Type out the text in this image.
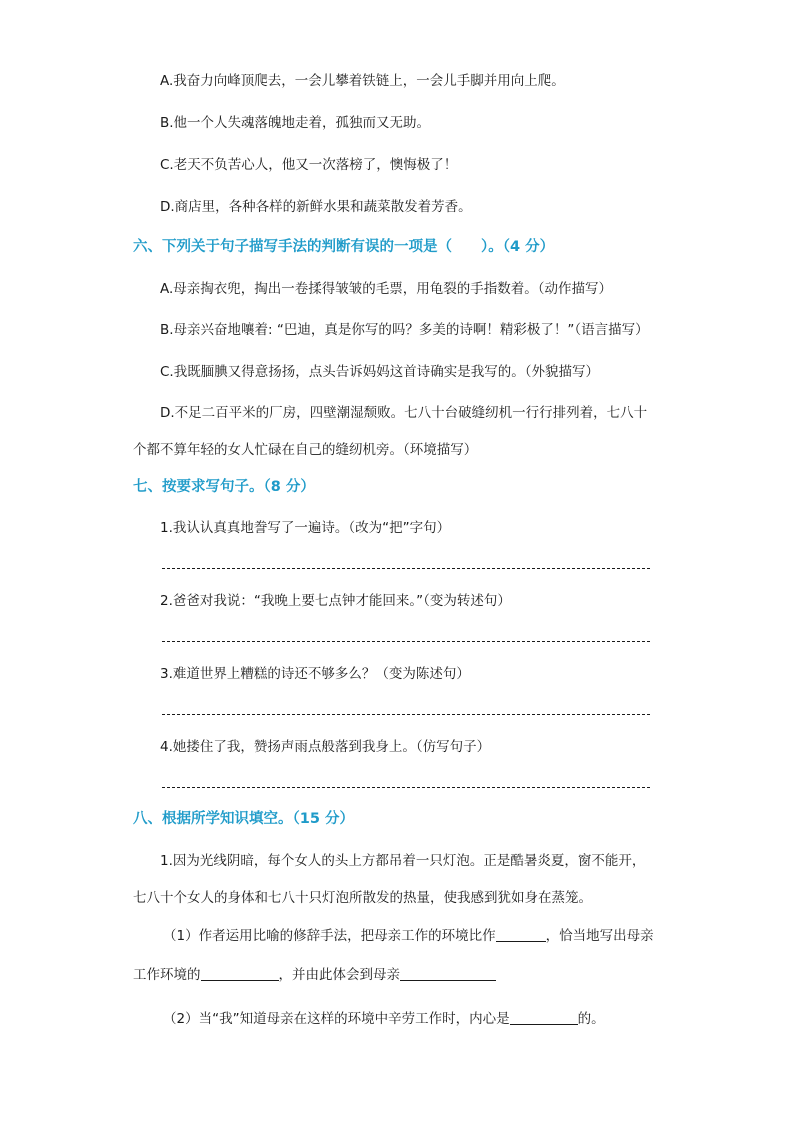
A.我奋力向峰顶爬去，一会儿攀着铁链上，一会儿手脚并用向上爬。
B.他一个人失魂落魄地走着，孤独而又无助。
C.老天不负苦心人，他又一次落榜了，懊悔极了！
D.商店里，各种各样的新鲜水果和蔬菜散发着芳香。
六、下列关于句子描写手法的判断有误的一项是（　　）。（4 分）
A.母亲掏衣兜，掏出一卷揉得皱皱的毛票，用龟裂的手指数着。（动作描写）
B.母亲兴奋地嚷着: “巴迪，真是你写的吗？多美的诗啊！精彩极了！”（语言描写）
C.我既腼腆又得意扬扬，点头告诉妈妈这首诗确实是我写的。（外貌描写）
D.不足二百平米的厂房，四壁潮湿颓败。七八十台破缝纫机一行行排列着，七八十
个都不算年轻的女人忙碌在自己的缝纫机旁。（环境描写）
七、按要求写句子。（8 分）
1.我认认真真地誊写了一遍诗。（改为“把”字句）
2.爸爸对我说：“我晚上要七点钟才能回来。”（变为转述句）
3.难道世界上糟糕的诗还不够多么？（变为陈述句）
4.她搂住了我，赞扬声雨点般落到我身上。（仿写句子）
八、根据所学知识填空。（15 分）
1.因为光线阴暗，每个女人的头上方都吊着一只灯泡。正是酷暑炎夏，窗不能开，
七八十个女人的身体和七八十只灯泡所散发的热量，使我感到犹如身在蒸笼。
（1）作者运用比喻的修辞手法，把母亲工作的环境比作	，恰当地写出母亲
工作环境的	，并由此体会到母亲
（2）当“我”知道母亲在这样的环境中辛劳工作时，内心是	的。
